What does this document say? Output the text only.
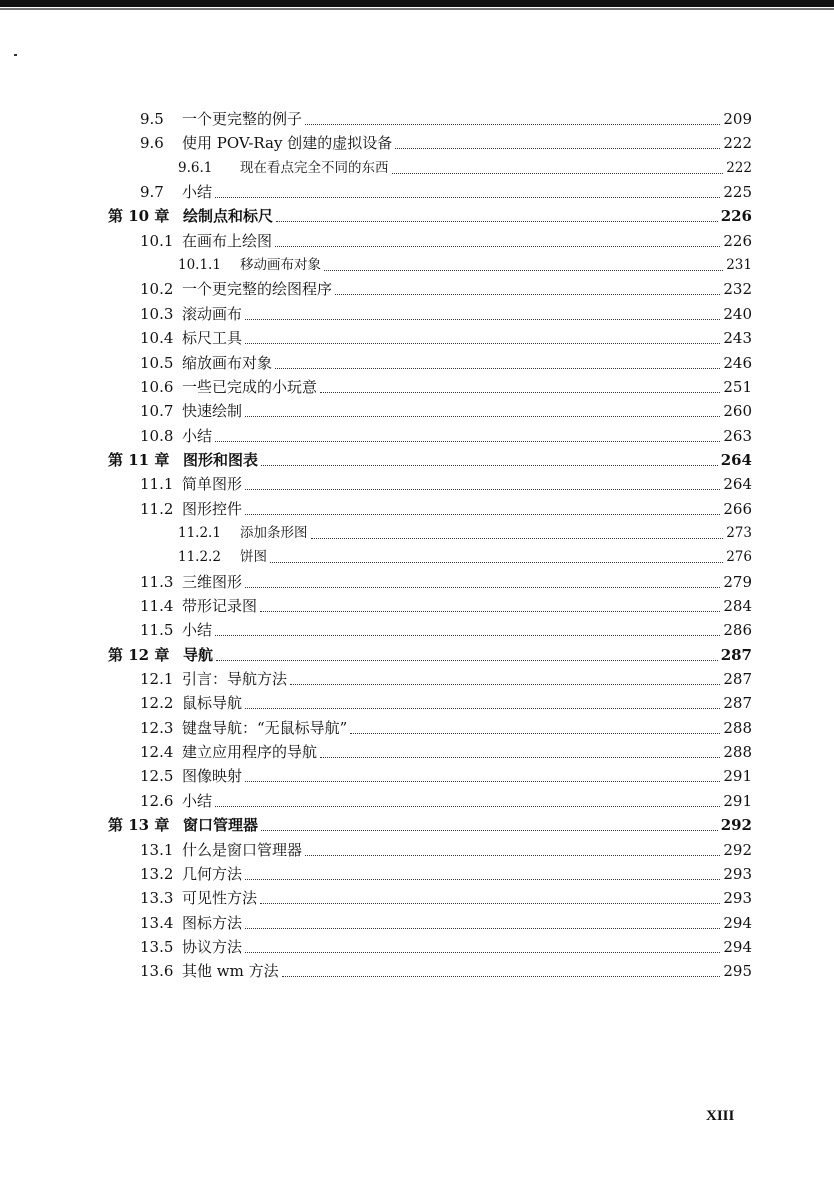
9.5	一个更完整的例子	209
9.6	使用 POV-Ray 创建的虚拟设备	222
9.6.1	现在看点完全不同的东西	222
9.7	小结	225
第 10 章 绘制点和标尺	226
10.1 在画布上绘图	226
10.1.1	移动画布对象	231
10.2 一个更完整的绘图程序	232
10.3 滚动画布	240
10.4 标尺工具	243
10.5 缩放画布对象	246
10.6 一些已完成的小玩意	251
10.7 快速绘制	260
10.8 小结	263
第 11 章 图形和图表	264
11.1 简单图形	264
11.2 图形控件	266
11.2.1	添加条形图	273
11.2.2	饼图	276
11.3 三维图形	279
11.4 带形记录图	284
11.5 小结	286
第 12 章 导航	287
12.1 引言：导航方法	287
12.2 鼠标导航	287
12.3 键盘导航：“无鼠标导航”	288
12.4 建立应用程序的导航	288
12.5 图像映射	291
12.6 小结	291
第 13 章 窗口管理器	292
13.1 什么是窗口管理器	292
13.2 几何方法	293
13.3 可见性方法	293
13.4 图标方法	294
13.5 协议方法	294
13.6 其他 wm 方法	295
XIII
